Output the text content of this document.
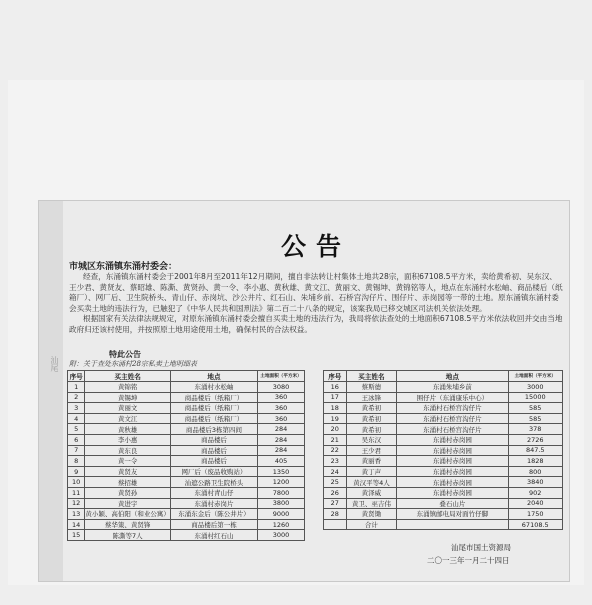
汕尾
公告
市城区东涌镇东涌村委会：

经查，东涌镇东涌村委会于2001年8月至2011年12月期间，擅自非法转让村集体土地共28宗，面积67108.5平方米，卖给黄希初、吴东汉、王少君、黄贤友、蔡昭雄、陈澌、黄贤孙、黄一令、李小惠、黄秋雄、黄文江、黄丽文、黄锡坤、黄锦铭等人，地点在东涌村水松岫、商品楼后（纸箱厂）、网厂后、卫生院桥头、青山仔、赤岗坑、沙公井片、红石山、朱埔乡前、石桥宫沟仔片、围仔片、赤岗园等一带的土地。原东涌镇东涌村委会买卖土地的违法行为，已触犯了《中华人民共和国刑法》第二百二十八条的规定，该案我局已移交城区司法机关依法处理。

根据国家有关法律法规规定，对原东涌镇东涌村委会擅自买卖土地的违法行为，我局将依法查处的土地面积67108.5平方米依法收回并交由当地政府归还该村使用，并按照原土地用途使用土地，确保村民的合法权益。

特此公告
附：关于查处东涌村28宗私卖土地明细表
序号	买主姓名	地点	土地面积（平方米）
1	黄锦铭	东涌村水松岫	3080
2	黄锡坤	商品楼后（纸箱厂）	360
3	黄丽文	商品楼后（纸箱厂）	360
4	黄文江	商品楼后（纸箱厂）	360
5	黄秋雄	商品楼后3栋第四间	284
6	李小惠	商品楼后	284
7	黄东良	商品楼后	284
8	黄一令	商品楼后	405
9	黄贤友	网厂后（废品收购站）	1350
10	蔡招雄	汕遮公路卫生院桥头	1200
11	黄贤孙	东涌村青山仔	7800
12	黄进宇	东涌村赤岗片	3800
13	黄小颖、高伯阳（和业公寓）	东涌东金后（陈公井片）	9000
14	蔡华策、黄贤锋	商品楼后第一栋	1260
15	陈澌等7人	东涌村红石山	3000
序号	买主姓名	地点	土地面积（平方米）
16	蔡斯德	东涌朱埔乡前	3000
17	王冰锋	围仔片（东涌康乐中心）	15000
18	黄希初	东涌村石桥宫沟仔片	585
19	黄希初	东涌村石桥宫沟仔片	585
20	黄希初	东涌村石桥宫沟仔片	378
21	吴东汉	东涌村赤岗园	2726
22	王少君	东涌村赤岗园	847.5
23	黄丽香	东涌村赤岗园	1828
24	黄丁声	东涌村赤岗园	800
25	黄汉平等4人	东涌村赤岗园	3840
26	黄泽威	东涌村赤岗园	902
27	黄卫、巫吉伟	叠石山片	2040
28	黄贤锄	东涌镇邮电局对面竹仔脚	1750
	合计		67108.5
汕尾市国土资源局
二〇一三年一月二十四日
